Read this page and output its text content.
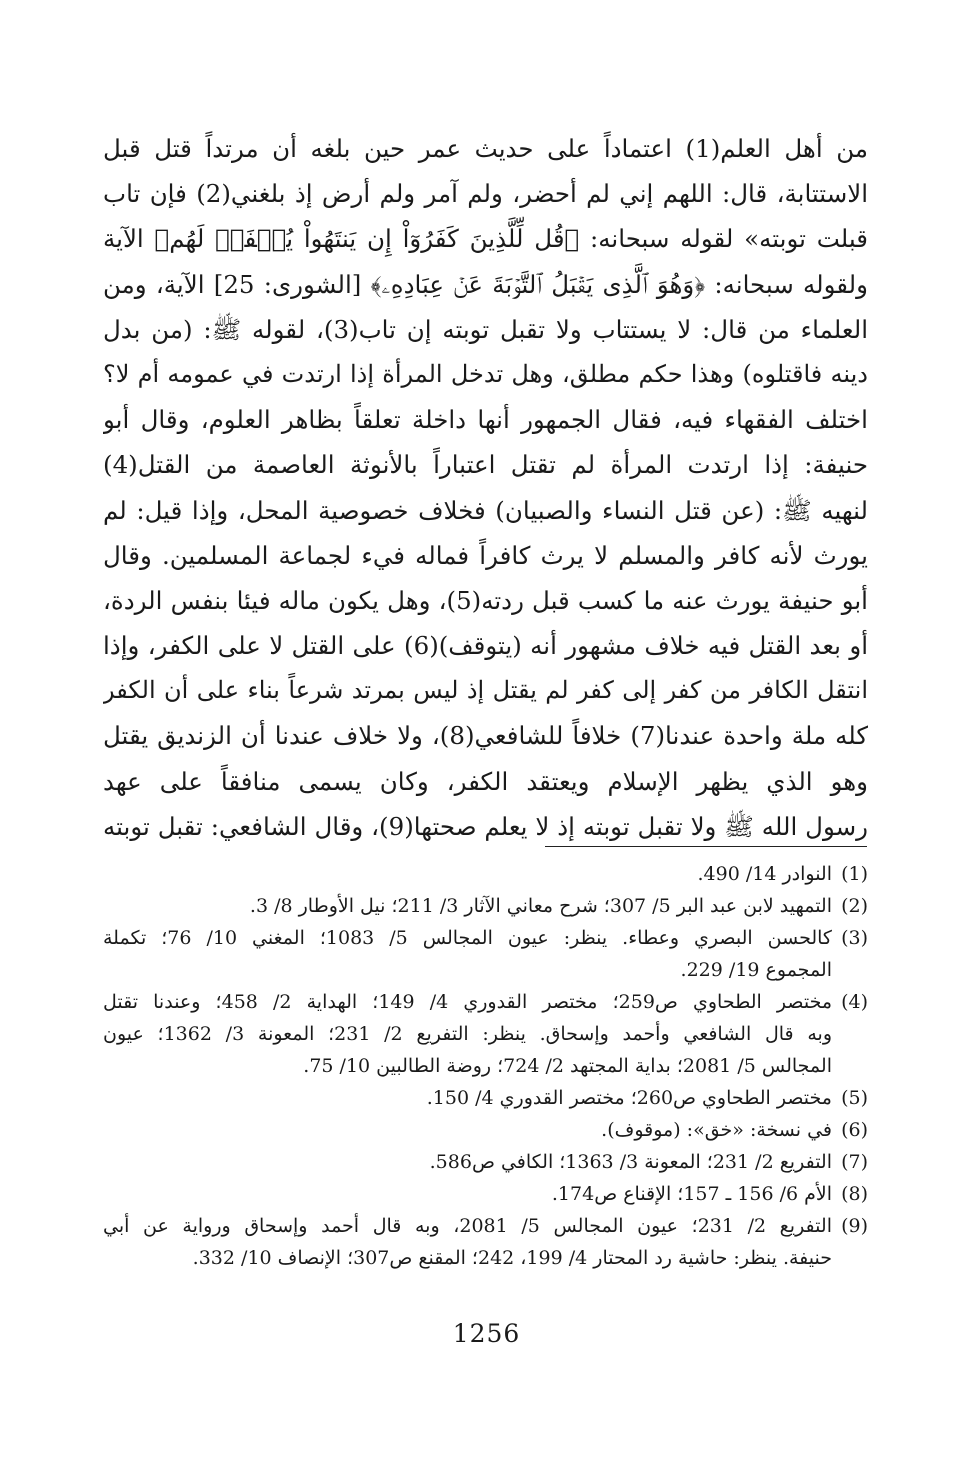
من أهل العلم(1) اعتماداً على حديث عمر حين بلغه أن مرتداً قتل قبل
الاستتابة، قال: اللهم إني لم أحضر، ولم آمر ولم أرض إذ بلغني(2) فإن تاب
قبلت توبته» لقوله سبحانه: ﴿قُل لِّلَّذِينَ كَفَرُوٓاْ إِن يَنتَهُواْ يُغۡفَرۡ لَهُم﴾ الآية
ولقوله سبحانه: ﴿وَهُوَ ٱلَّذِى يَقۡبَلُ ٱلتَّوۡبَةَ عَنۡ عِبَادِهِۦ﴾ [الشورى: 25] الآية، ومن
العلماء من قال: لا يستتاب ولا تقبل توبته إن تاب(3)، لقوله ﷺ: (من بدل
دينه فاقتلوه) وهذا حكم مطلق، وهل تدخل المرأة إذا ارتدت في عمومه أم لا؟
اختلف الفقهاء فيه، فقال الجمهور أنها داخلة تعلقاً بظاهر العلوم، وقال أبو
حنيفة: إذا ارتدت المرأة لم تقتل اعتباراً بالأنوثة العاصمة من القتل(4)
لنهيه ﷺ: (عن قتل النساء والصبيان) فخلاف خصوصية المحل، وإذا قيل: لم
يورث لأنه كافر والمسلم لا يرث كافراً فماله فيء لجماعة المسلمين. وقال
أبو حنيفة يورث عنه ما كسب قبل ردته(5)، وهل يكون ماله فيئا بنفس الردة،
أو بعد القتل فيه خلاف مشهور أنه (يتوقف)(6) على القتل لا على الكفر، وإذا
انتقل الكافر من كفر إلى كفر لم يقتل إذ ليس بمرتد شرعاً بناء على أن الكفر
كله ملة واحدة عندنا(7) خلافاً للشافعي(8)، ولا خلاف عندنا أن الزنديق يقتل
وهو الذي يظهر الإسلام ويعتقد الكفر، وكان يسمى منافقاً على عهد
رسول الله ﷺ ولا تقبل توبته إذ لا يعلم صحتها(9)، وقال الشافعي: تقبل توبته
(1)
النوادر 14/ 490.
(2)
التمهيد لابن عبد البر 5/ 307؛ شرح معاني الآثار 3/ 211؛ نيل الأوطار 8/ 3.
(3)
كالحسن البصري وعطاء. ينظر: عيون المجالس 5/ 1083؛ المغني 10/ 76؛ تكملة
المجموع 19/ 229.
(4)
مختصر الطحاوي ص259؛ مختصر القدوري 4/ 149؛ الهداية 2/ 458؛ وعندنا تقتل
وبه قال الشافعي وأحمد وإسحاق. ينظر: التفريع 2/ 231؛ المعونة 3/ 1362؛ عيون
المجالس 5/ 2081؛ بداية المجتهد 2/ 724؛ روضة الطالبين 10/ 75.
(5)
مختصر الطحاوي ص260؛ مختصر القدوري 4/ 150.
(6)
في نسخة: «خق»: (موقوف).
(7)
التفريع 2/ 231؛ المعونة 3/ 1363؛ الكافي ص586.
(8)
الأم 6/ 156 ـ 157؛ الإقناع ص174.
(9)
التفريع 2/ 231؛ عيون المجالس 5/ 2081، وبه قال أحمد وإسحاق ورواية عن أبي
حنيفة. ينظر: حاشية رد المحتار 4/ 199، 242؛ المقنع ص307؛ الإنصاف 10/ 332.
1256
